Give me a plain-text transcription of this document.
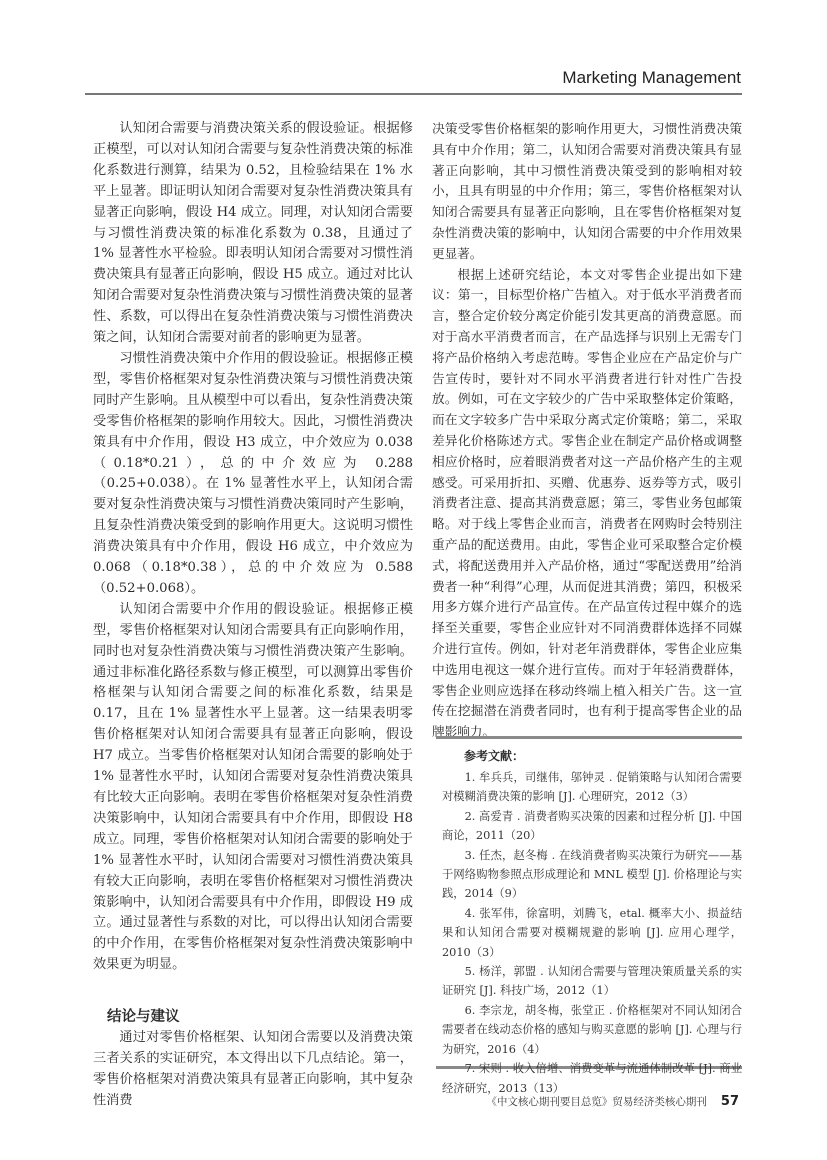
Marketing Management

认知闭合需要与消费决策关系的假设验证。根据修正模型，可以对认知闭合需要与复杂性消费决策的标准化系数进行测算，结果为 0.52，且检验结果在 1% 水平上显著。即证明认知闭合需要对复杂性消费决策具有显著正向影响，假设 H4 成立。同理，对认知闭合需要与习惯性消费决策的标准化系数为 0.38，且通过了 1% 显著性水平检验。即表明认知闭合需要对习惯性消费决策具有显著正向影响，假设 H5 成立。通过对比认知闭合需要对复杂性消费决策与习惯性消费决策的显著性、系数，可以得出在复杂性消费决策与习惯性消费决策之间，认知闭合需要对前者的影响更为显著。

习惯性消费决策中介作用的假设验证。根据修正模型，零售价格框架对复杂性消费决策与习惯性消费决策同时产生影响。且从模型中可以看出，复杂性消费决策受零售价格框架的影响作用较大。因此，习惯性消费决策具有中介作用，假设 H3 成立，中介效应为 0.038（0.18*0.21），总的中介效应为 0.288（0.25+0.038）。在 1% 显著性水平上，认知闭合需要对复杂性消费决策与习惯性消费决策同时产生影响，且复杂性消费决策受到的影响作用更大。这说明习惯性消费决策具有中介作用，假设 H6 成立，中介效应为 0.068（0.18*0.38），总的中介效应为 0.588（0.52+0.068）。

认知闭合需要中介作用的假设验证。根据修正模型，零售价格框架对认知闭合需要具有正向影响作用，同时也对复杂性消费决策与习惯性消费决策产生影响。通过非标准化路径系数与修正模型，可以测算出零售价格框架与认知闭合需要之间的标准化系数，结果是 0.17，且在 1% 显著性水平上显著。这一结果表明零售价格框架对认知闭合需要具有显著正向影响，假设 H7 成立。当零售价格框架对认知闭合需要的影响处于 1% 显著性水平时，认知闭合需要对复杂性消费决策具有比较大正向影响。表明在零售价格框架对复杂性消费决策影响中，认知闭合需要具有中介作用，即假设 H8 成立。同理，零售价格框架对认知闭合需要的影响处于 1% 显著性水平时，认知闭合需要对习惯性消费决策具有较大正向影响，表明在零售价格框架对习惯性消费决策影响中，认知闭合需要具有中介作用，即假设 H9 成立。通过显著性与系数的对比，可以得出认知闭合需要的中介作用，在零售价格框架对复杂性消费决策影响中效果更为明显。

结论与建议

通过对零售价格框架、认知闭合需要以及消费决策三者关系的实证研究，本文得出以下几点结论。第一，零售价格框架对消费决策具有显著正向影响，其中复杂性消费

决策受零售价格框架的影响作用更大，习惯性消费决策具有中介作用；第二，认知闭合需要对消费决策具有显著正向影响，其中习惯性消费决策受到的影响相对较小，且具有明显的中介作用；第三，零售价格框架对认知闭合需要具有显著正向影响，且在零售价格框架对复杂性消费决策的影响中，认知闭合需要的中介作用效果更显著。

根据上述研究结论，本文对零售企业提出如下建议：第一，目标型价格广告植入。对于低水平消费者而言，整合定价较分离定价能引发其更高的消费意愿。而对于高水平消费者而言，在产品选择与识别上无需专门将产品价格纳入考虑范畴。零售企业应在产品定价与广告宣传时，要针对不同水平消费者进行针对性广告投放。例如，可在文字较少的广告中采取整体定价策略，而在文字较多广告中采取分离式定价策略；第二，采取差异化价格陈述方式。零售企业在制定产品价格或调整相应价格时，应着眼消费者对这一产品价格产生的主观感受。可采用折扣、买赠、优惠券、返券等方式，吸引消费者注意、提高其消费意愿；第三，零售业务包邮策略。对于线上零售企业而言，消费者在网购时会特别注重产品的配送费用。由此，零售企业可采取整合定价模式，将配送费用并入产品价格，通过“零配送费用”给消费者一种“利得”心理，从而促进其消费；第四，积极采用多方媒介进行产品宣传。在产品宣传过程中媒介的选择至关重要，零售企业应针对不同消费群体选择不同媒介进行宣传。例如，针对老年消费群体，零售企业应集中选用电视这一媒介进行宣传。而对于年轻消费群体，零售企业则应选择在移动终端上植入相关广告。这一宣传在挖掘潜在消费者同时，也有利于提高零售企业的品牌影响力。

参考文献：

1. 牟兵兵，司继伟，邬钟灵 . 促销策略与认知闭合需要对模糊消费决策的影响 [J]. 心理研究，2012（3）

2. 高爱青 . 消费者购买决策的因素和过程分析 [J]. 中国商论，2011（20）

3. 任杰，赵冬梅 . 在线消费者购买决策行为研究——基于网络购物参照点形成理论和 MNL 模型 [J]. 价格理论与实践，2014（9）

4. 张军伟，徐富明，刘腾飞，etal. 概率大小、损益结果和认知闭合需要对模糊规避的影响 [J]. 应用心理学，2010（3）

5. 杨洋，郭盟 . 认知闭合需要与管理决策质量关系的实证研究 [J]. 科技广场，2012（1）

6. 李宗龙，胡冬梅，张堂正 . 价格框架对不同认知闭合需要者在线动态价格的感知与购买意愿的影响 [J]. 心理与行为研究，2016（4）

7. 宋则 . 收入倍增、消费变革与流通体制改革 [J]. 商业经济研究，2013（13）

《中文核心期刊要目总览》贸易经济类核心期刊 57
